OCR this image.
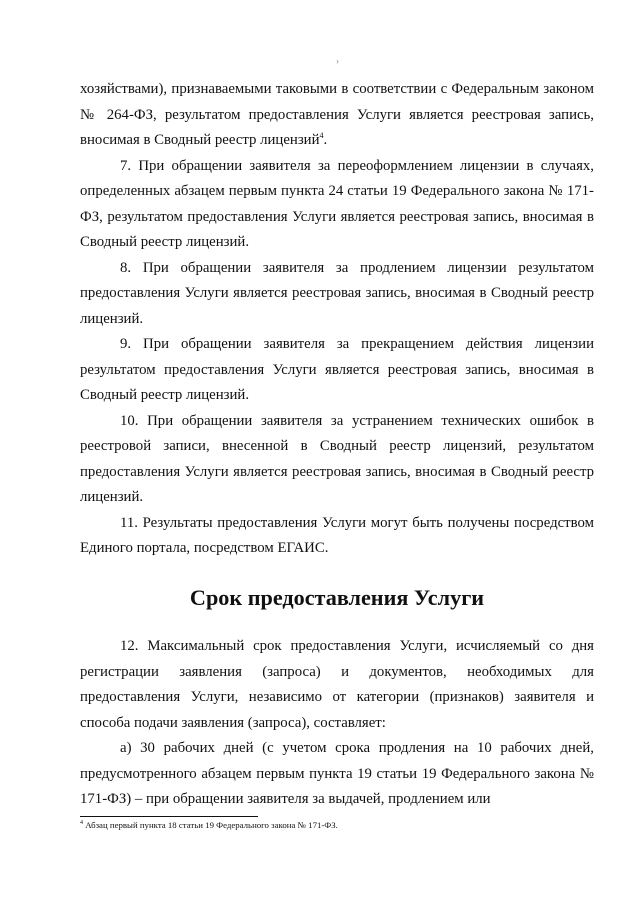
›

хозяйствами), признаваемыми таковыми в соответствии с Федеральным законом № 264-ФЗ, результатом предоставления Услуги является реестровая запись, вносимая в Сводный реестр лицензий$^4$.

7. При обращении заявителя за переоформлением лицензии в случаях, определенных абзацем первым пункта 24 статьи 19 Федерального закона № 171-ФЗ, результатом предоставления Услуги является реестровая запись, вносимая в Сводный реестр лицензий.

8. При обращении заявителя за продлением лицензии результатом предоставления Услуги является реестровая запись, вносимая в Сводный реестр лицензий.

9. При обращении заявителя за прекращением действия лицензии результатом предоставления Услуги является реестровая запись, вносимая в Сводный реестр лицензий.

10. При обращении заявителя за устранением технических ошибок в реестровой записи, внесенной в Сводный реестр лицензий, результатом предоставления Услуги является реестровая запись, вносимая в Сводный реестр лицензий.

11. Результаты предоставления Услуги могут быть получены посредством Единого портала, посредством ЕГАИС.

Срок предоставления Услуги

12. Максимальный срок предоставления Услуги, исчисляемый со дня регистрации заявления (запроса) и документов, необходимых для предоставления Услуги, независимо от категории (признаков) заявителя и способа подачи заявления (запроса), составляет:

а) 30 рабочих дней (с учетом срока продления на 10 рабочих дней, предусмотренного абзацем первым пункта 19 статьи 19 Федерального закона № 171-ФЗ) – при обращении заявителя за выдачей, продлением или

$^4$ Абзац первый пункта 18 статьи 19 Федерального закона № 171-ФЗ.
